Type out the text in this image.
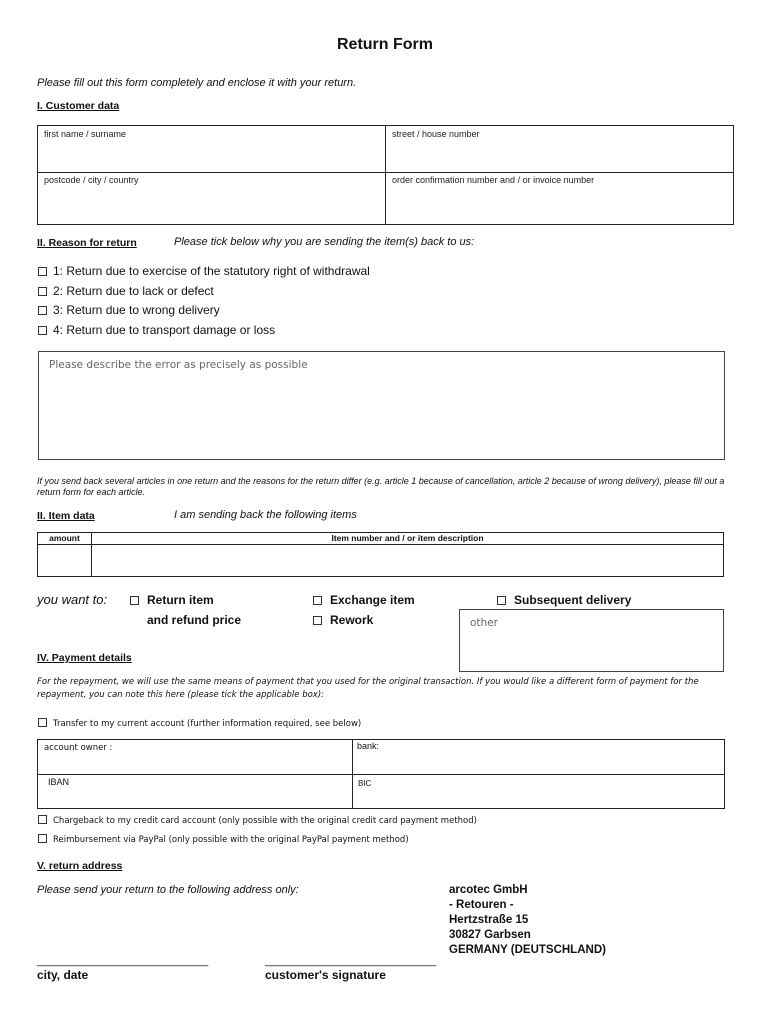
Return Form
Please fill out this form completely and enclose it with your return.
I. Customer data
first name / surname	street / house number
postcode / city / country	order confirmation number and / or invoice number
II. Reason for return	Please tick below why you are sending the item(s) back to us:
1: Return due to exercise of the statutory right of withdrawal
2: Return due to lack or defect
3: Return due to wrong delivery
4: Return due to transport damage or loss
Please describe the error as precisely as possible
If you send back several articles in one return and the reasons for the return differ (e.g. article 1 because of cancellation, article 2 because of wrong delivery), please fill out a return form for each article.
II. Item data	I am sending back the following items
amount	Item number and / or item description
you want to:	Return item
and refund price
Exchange item
Rework
Subsequent delivery
other
IV. Payment details
For the repayment, we will use the same means of payment that you used for the original transaction. If you would like a different form of payment for the repayment, you can note this here (please tick the applicable box):
Transfer to my current account (further information required, see below)
account owner :	bank:
IBAN	BIC
Chargeback to my credit card account (only possible with the original credit card payment method)
Reimbursement via PayPal (only possible with the original PayPal payment method)
V. return address
Please send your return to the following address only:	arcotec GmbH
- Retouren -
Hertzstraße 15
30827 Garbsen
GERMANY (DEUTSCHLAND)
____________________________
city, date
____________________________
customer's signature
